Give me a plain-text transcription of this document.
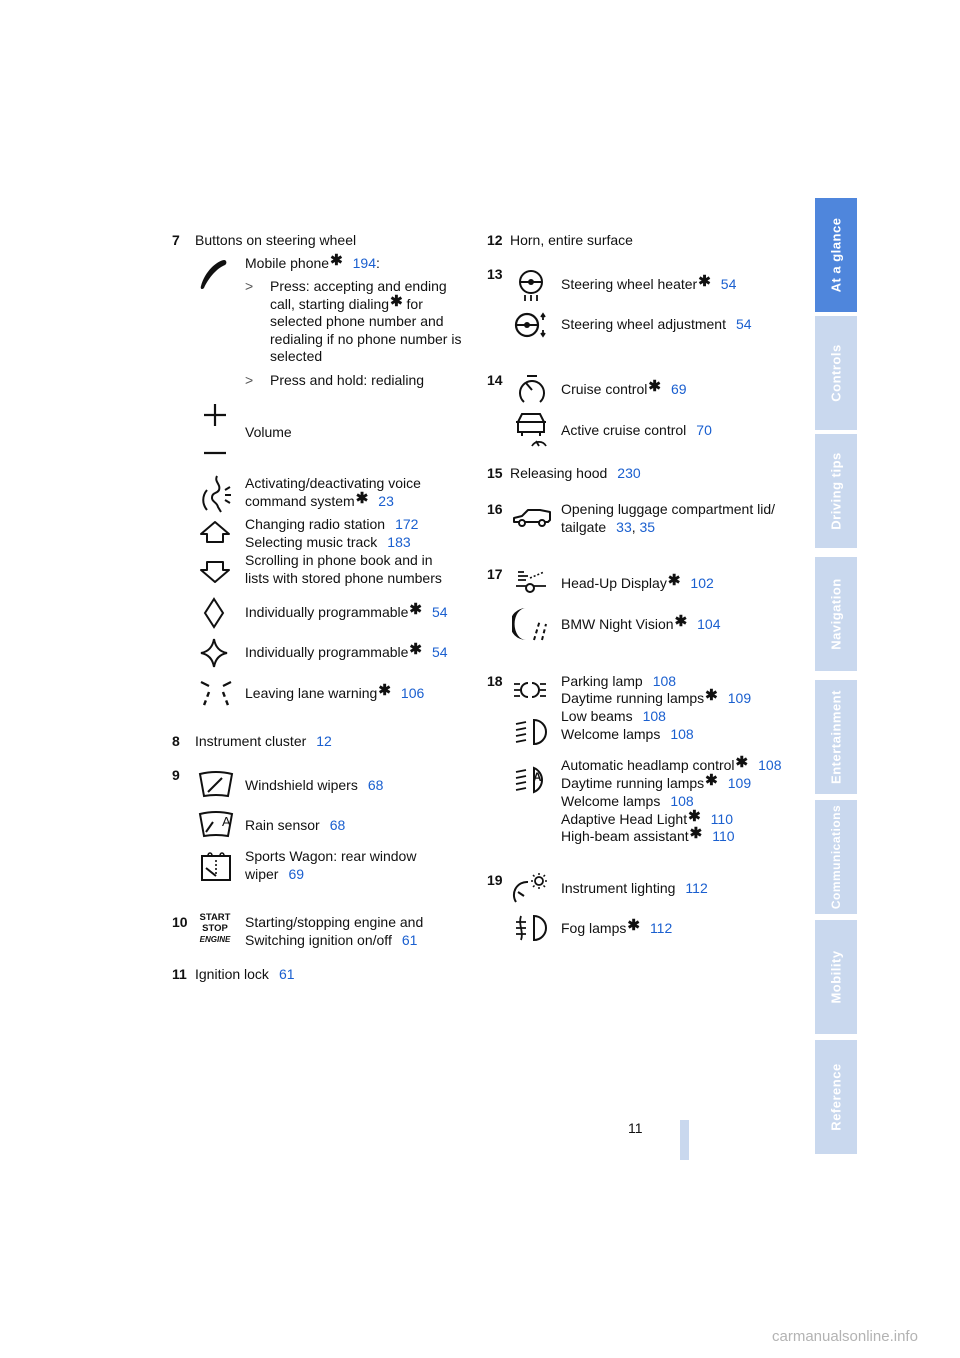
At a glance
Controls
Driving tips
Navigation
Entertainment
Communications
Mobility
Reference
7 Buttons on steering wheel
Mobile phone✱ 194:
> Press: accepting and ending
call, starting dialing✱ for
selected phone number and
redialing if no phone number is
selected
> Press and hold: redialing
Volume
Activating/deactivating voice
command system✱ 23
Changing radio station 172
Selecting music track 183
Scrolling in phone book and in
lists with stored phone numbers
Individually programmable✱ 54
Individually programmable✱ 54
Leaving lane warning✱ 106
8 Instrument cluster 12
9
Windshield wipers 68
A Rain sensor 68
Sports Wagon: rear window
wiper 69
10 START
STOP
ENGINE
Starting/stopping engine and
Switching ignition on/off 61
11 Ignition lock 61
12 Horn, entire surface
13
Steering wheel heater✱ 54
Steering wheel adjustment 54
14
Cruise control✱ 69
Active cruise control 70
15 Releasing hood 230
16	Opening luggage compartment lid/
tailgate 33, 35
17
Head-Up Display✱ 102
BMW Night Vision✱ 104
18	Parking lamp 108
Daytime running lamps✱ 109
Low beams 108
Welcome lamps 108
A
Automatic headlamp control✱ 108
Daytime running lamps✱ 109
Welcome lamps 108
Adaptive Head Light✱ 110
High-beam assistant✱ 110
19	Instrument lighting 112
Fog lamps✱ 112
11
carmanualsonline.info
